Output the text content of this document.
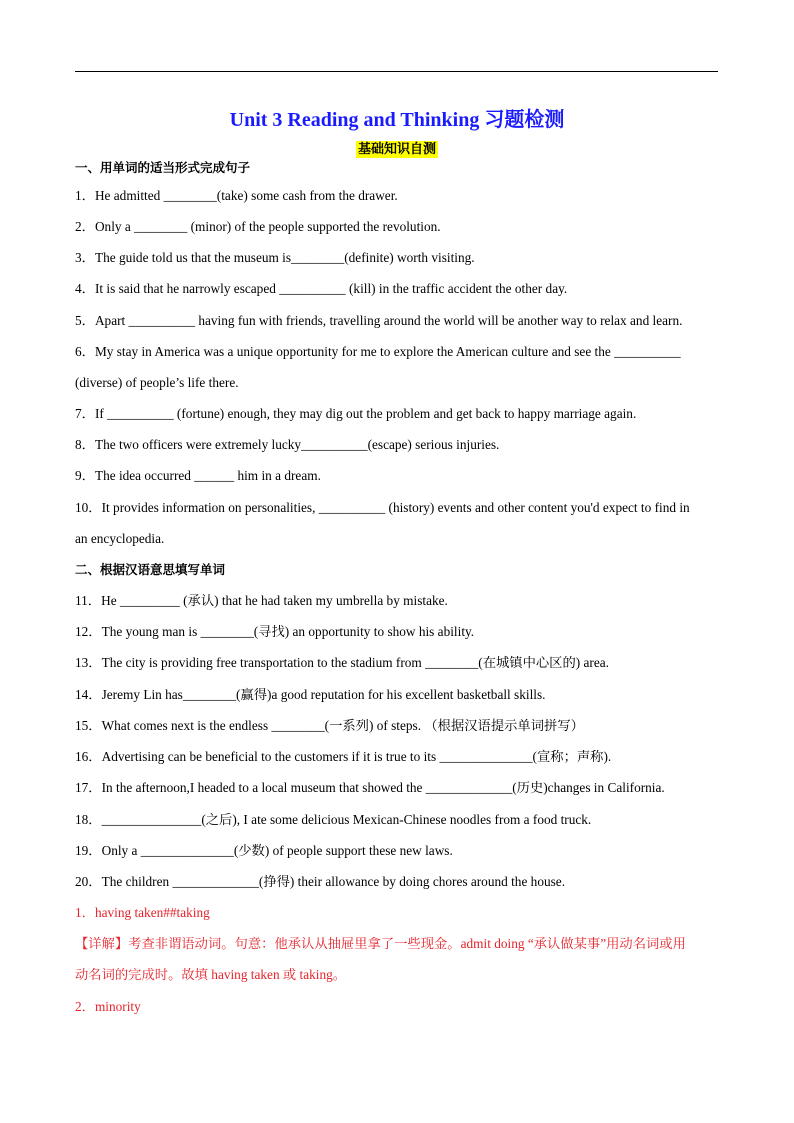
Unit 3 Reading and Thinking 习题检测
基础知识自测
一、用单词的适当形式完成句子
1．He admitted ________(take) some cash from the drawer.
2．Only a ________ (minor) of the people supported the revolution.
3．The guide told us that the museum is________(definite) worth visiting.
4．It is said that he narrowly escaped __________ (kill) in the traffic accident the other day.
5．Apart __________ having fun with friends, travelling around the world will be another way to relax and learn.
6．My stay in America was a unique opportunity for me to explore the American culture and see the __________
(diverse) of people’s life there.
7．If __________ (fortune) enough, they may dig out the problem and get back to happy marriage again.
8．The two officers were extremely lucky__________(escape) serious injuries.
9．The idea occurred ______ him in a dream.
10．It provides information on personalities, __________ (history) events and other content you'd expect to find in
an encyclopedia.
二、根据汉语意思填写单词
11．He _________ (承认) that he had taken my umbrella by mistake.
12．The young man is ________(寻找) an opportunity to show his ability.
13．The city is providing free transportation to the stadium from ________(在城镇中心区的) area.
14．Jeremy Lin has________(赢得)a good reputation for his excellent basketball skills.
15．What comes next is the endless ________(一系列) of steps. （根据汉语提示单词拼写）
16．Advertising can be beneficial to the customers if it is true to its ______________(宣称；声称).
17．In the afternoon,I headed to a local museum that showed the _____________(历史)changes in California.
18．_______________(之后), I ate some delicious Mexican-Chinese noodles from a food truck.
19．Only a ______________(少数) of people support these new laws.
20．The children _____________(挣得) their allowance by doing chores around the house.
1．having taken##taking
【详解】考查非谓语动词。句意：他承认从抽屉里拿了一些现金。admit doing “承认做某事”用动名词或用
动名词的完成时。故填 having taken 或 taking。
2．minority
